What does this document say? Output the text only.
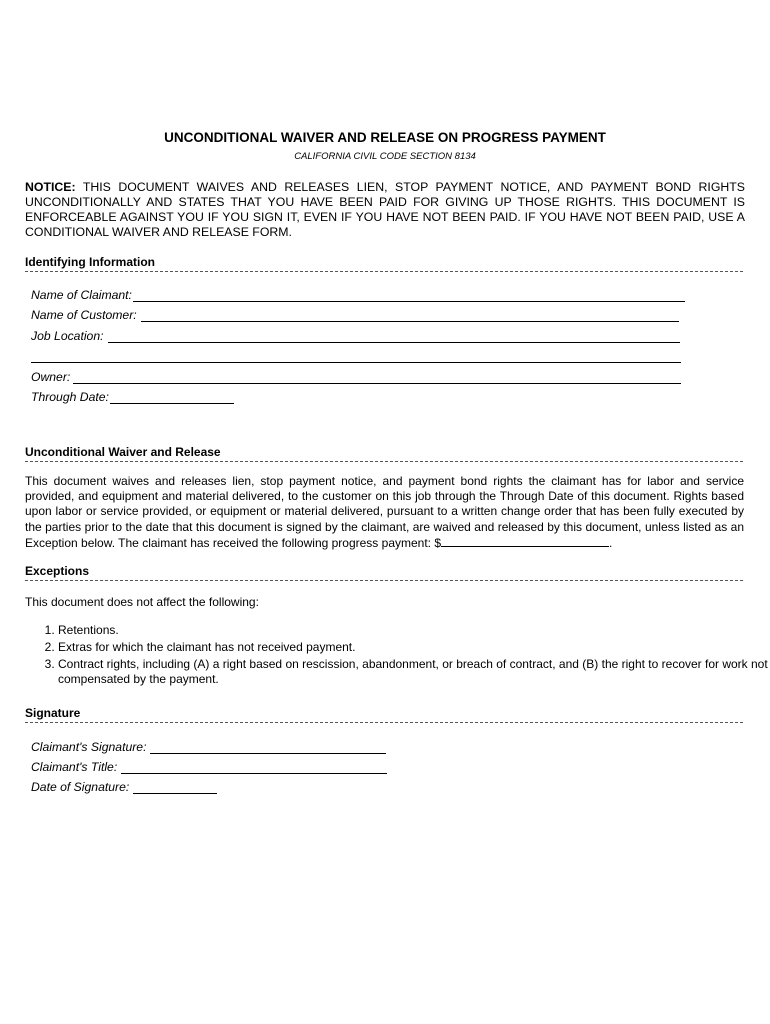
UNCONDITIONAL WAIVER AND RELEASE ON PROGRESS PAYMENT
CALIFORNIA CIVIL CODE SECTION 8134
NOTICE: THIS DOCUMENT WAIVES AND RELEASES LIEN, STOP PAYMENT NOTICE, AND PAYMENT BOND RIGHTS UNCONDITIONALLY AND STATES THAT YOU HAVE BEEN PAID FOR GIVING UP THOSE RIGHTS. THIS DOCUMENT IS ENFORCEABLE AGAINST YOU IF YOU SIGN IT, EVEN IF YOU HAVE NOT BEEN PAID. IF YOU HAVE NOT BEEN PAID, USE A CONDITIONAL WAIVER AND RELEASE FORM.
Identifying Information
Name of Claimant:
Name of Customer:
Job Location:
Owner:
Through Date:
Unconditional Waiver and Release
This document waives and releases lien, stop payment notice, and payment bond rights the claimant has for labor and service provided, and equipment and material delivered, to the customer on this job through the Through Date of this document. Rights based upon labor or service provided, or equipment or material delivered, pursuant to a written change order that has been fully executed by the parties prior to the date that this document is signed by the claimant, are waived and released by this document, unless listed as an Exception below. The claimant has received the following progress payment: $	.
Exceptions
This document does not affect the following:
1. Retentions.
2. Extras for which the claimant has not received payment.
3. Contract rights, including (A) a right based on rescission, abandonment, or breach of contract, and (B) the right to recover for work not compensated by the payment.
Signature
Claimant's Signature:
Claimant's Title:
Date of Signature:
